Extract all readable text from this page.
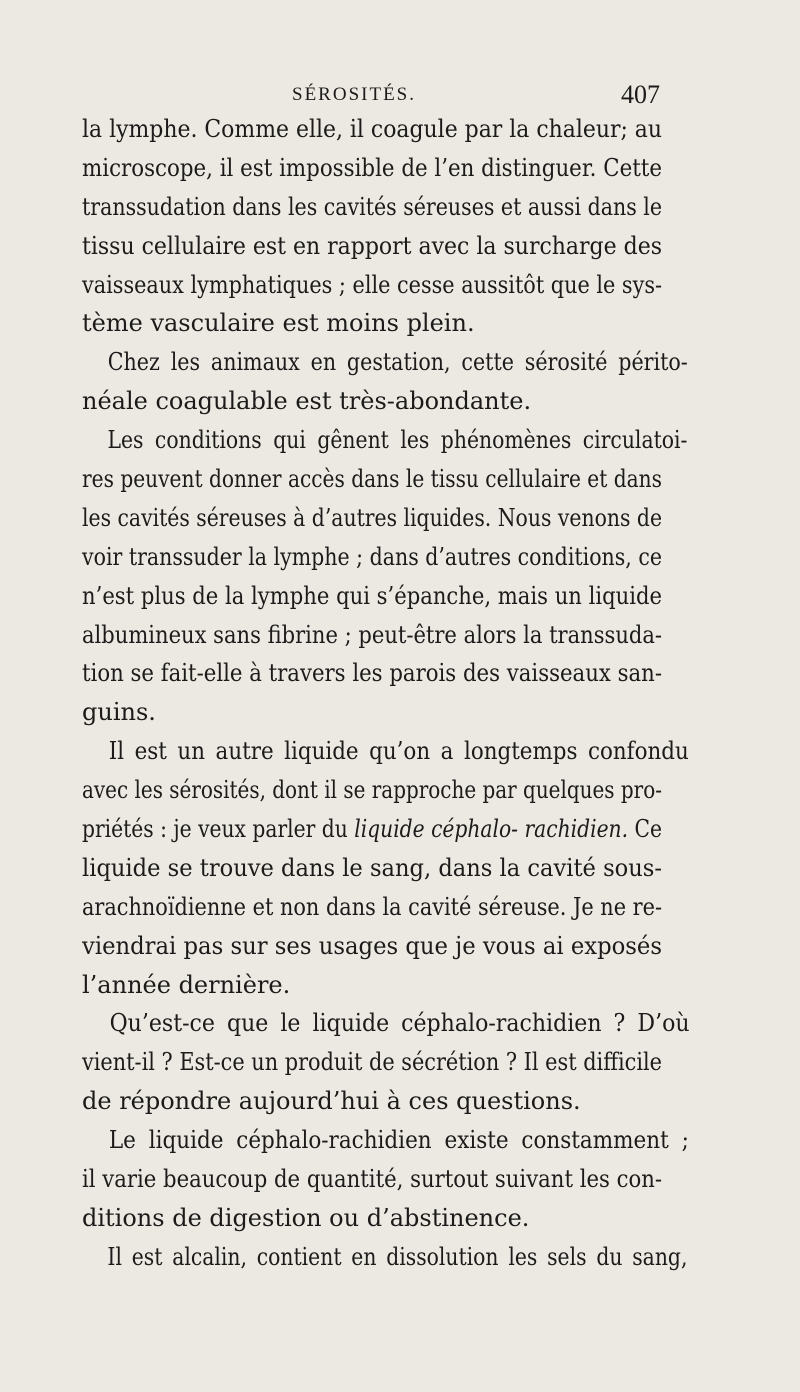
SÉROSITÉS.	407
la lymphe. Comme elle, il coagule par la chaleur; au
microscope, il est impossible de l’en distinguer. Cette
transsudation dans les cavités séreuses et aussi dans le
tissu cellulaire est en rapport avec la surcharge des
vaisseaux lymphatiques ; elle cesse aussitôt que le sys-
tème vasculaire est moins plein.
Chez les animaux en gestation, cette sérosité périto-
néale coagulable est très-abondante.
Les conditions qui gênent les phénomènes circulatoi-
res peuvent donner accès dans le tissu cellulaire et dans
les cavités séreuses à d’autres liquides. Nous venons de
voir transsuder la lymphe ; dans d’autres conditions, ce
n’est plus de la lymphe qui s’épanche, mais un liquide
albumineux sans fibrine ; peut-être alors la transsuda-
tion se fait-elle à travers les parois des vaisseaux san-
guins.
Il est un autre liquide qu’on a longtemps confondu
avec les sérosités, dont il se rapproche par quelques pro-
priétés : je veux parler du liquide céphalo- rachidien. Ce
liquide se trouve dans le sang, dans la cavité sous-
arachnoïdienne et non dans la cavité séreuse. Je ne re-
viendrai pas sur ses usages que je vous ai exposés
l’année dernière.
Qu’est-ce que le liquide céphalo-rachidien ? D’où
vient-il ? Est-ce un produit de sécrétion ? Il est difficile
de répondre aujourd’hui à ces questions.
Le liquide céphalo-rachidien existe constamment ;
il varie beaucoup de quantité, surtout suivant les con-
ditions de digestion ou d’abstinence.
Il est alcalin, contient en dissolution les sels du sang,
